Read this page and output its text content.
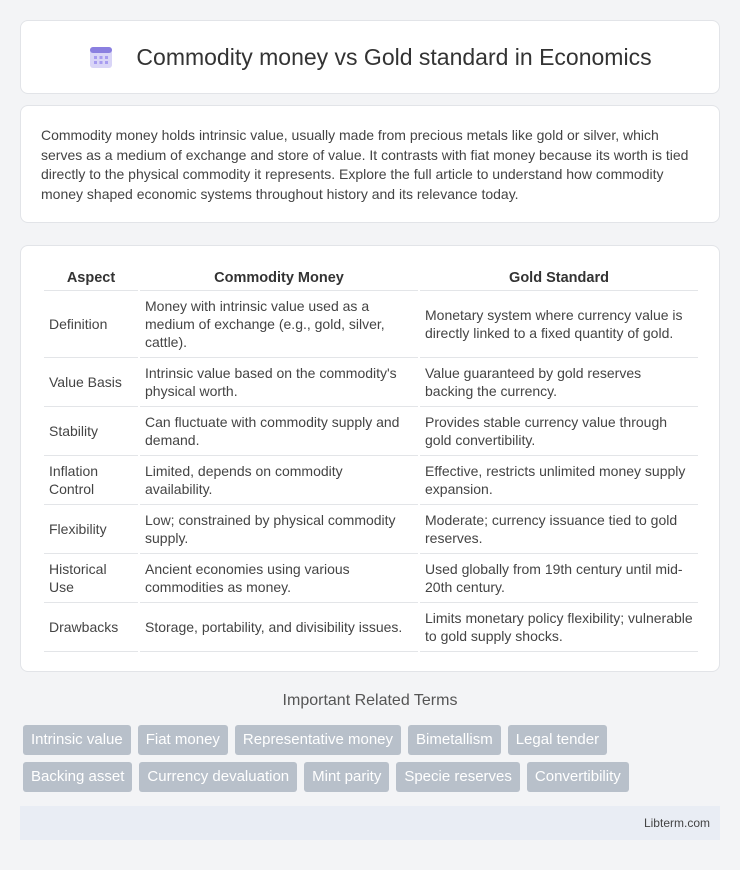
Commodity money vs Gold standard in Economics

Commodity money holds intrinsic value, usually made from precious metals like gold or silver, which serves as a medium of exchange and store of value. It contrasts with fiat money because its worth is tied directly to the physical commodity it represents. Explore the full article to understand how commodity money shaped economic systems throughout history and its relevance today.

Aspect	Commodity Money	Gold Standard
Definition	Money with intrinsic value used as a medium of exchange (e.g., gold, silver, cattle).	Monetary system where currency value is directly linked to a fixed quantity of gold.
Value Basis	Intrinsic value based on the commodity's physical worth.	Value guaranteed by gold reserves backing the currency.
Stability	Can fluctuate with commodity supply and demand.	Provides stable currency value through gold convertibility.
Inflation Control	Limited, depends on commodity availability.	Effective, restricts unlimited money supply expansion.
Flexibility	Low; constrained by physical commodity supply.	Moderate; currency issuance tied to gold reserves.
Historical Use	Ancient economies using various commodities as money.	Used globally from 19th century until mid-20th century.
Drawbacks	Storage, portability, and divisibility issues.	Limits monetary policy flexibility; vulnerable to gold supply shocks.
Important Related Terms
Intrinsic value	Fiat money	Representative money	Bimetallism	Legal tender
Backing asset	Currency devaluation	Mint parity	Specie reserves	Convertibility
Libterm.com
